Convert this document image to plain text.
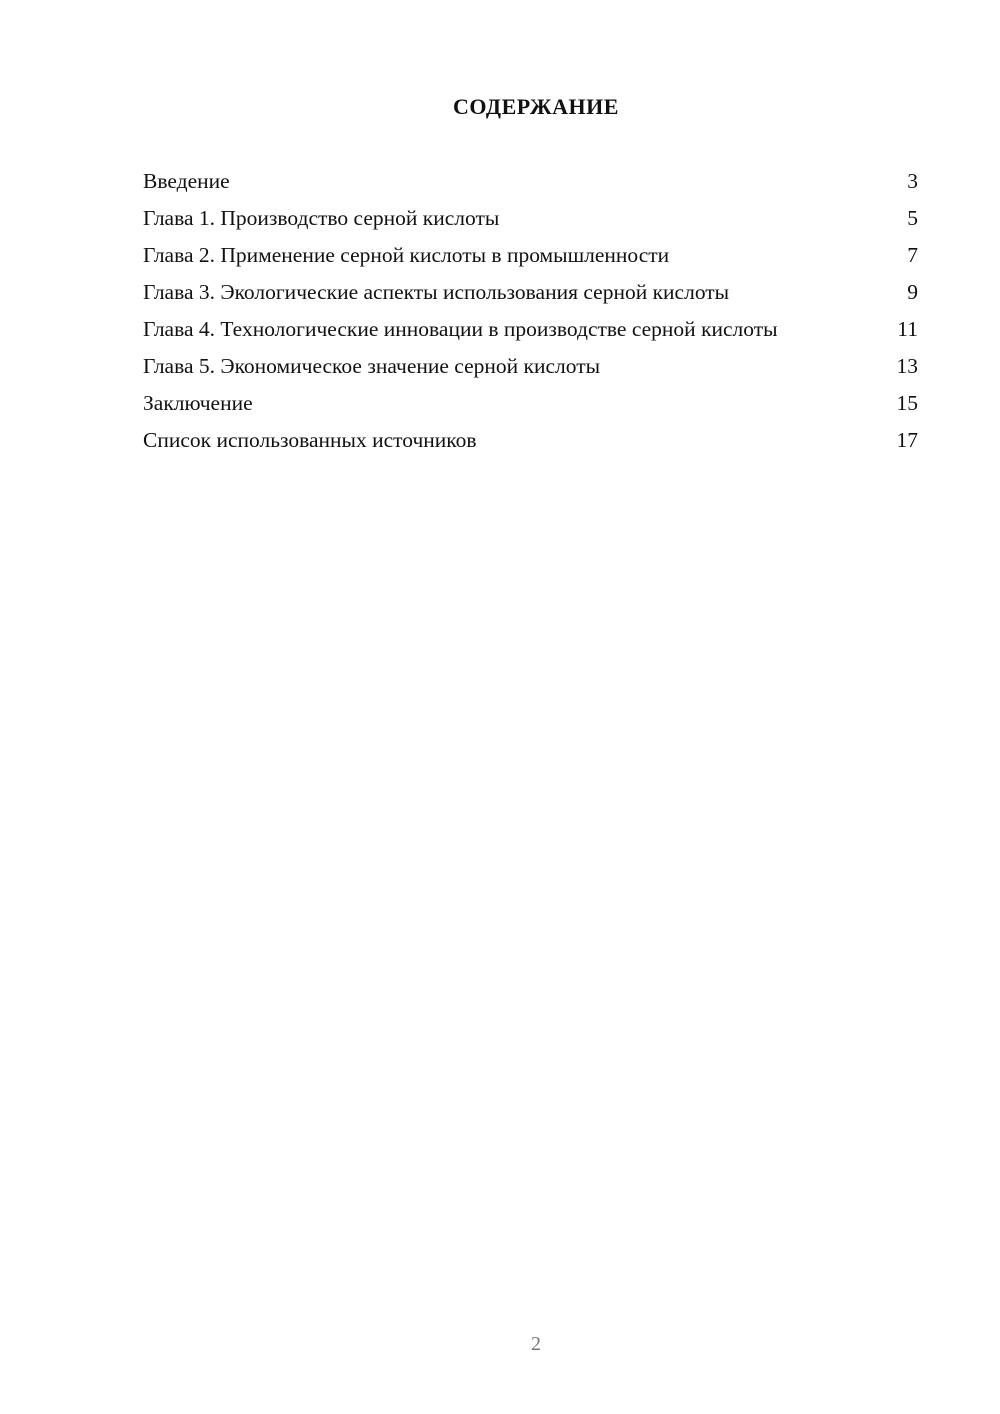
СОДЕРЖАНИЕ
Введение	3
Глава 1. Производство серной кислоты	5
Глава 2. Применение серной кислоты в промышленности	7
Глава 3. Экологические аспекты использования серной кислоты	9
Глава 4. Технологические инновации в производстве серной кислоты	11
Глава 5. Экономическое значение серной кислоты	13
Заключение	15
Список использованных источников	17
2
